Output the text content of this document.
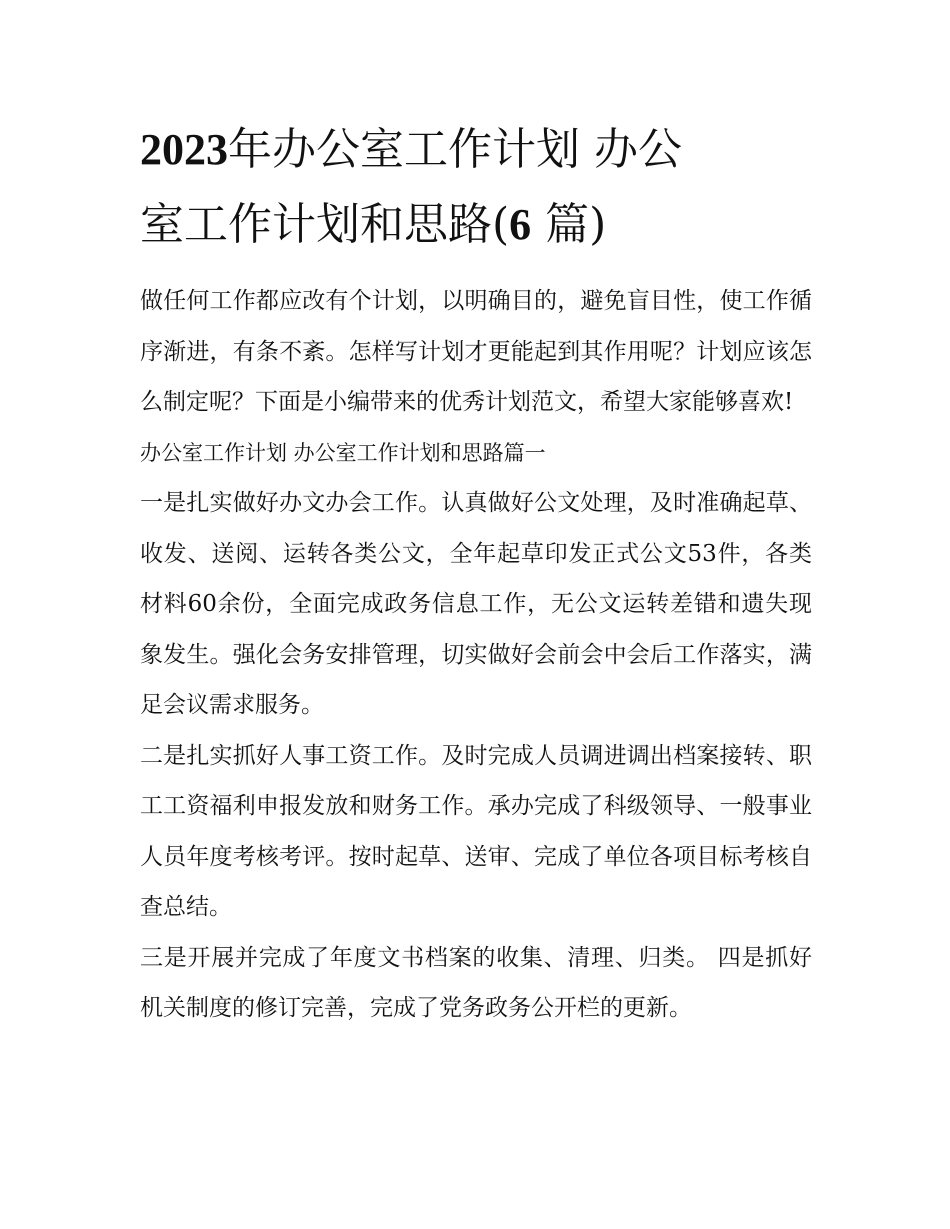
2023年办公室工作计划 办公
室工作计划和思路(6 篇)

做任何工作都应改有个计划，以明确目的，避免盲目性，使工作循序渐进，有条不紊。怎样写计划才更能起到其作用呢？计划应该怎么制定呢？下面是小编带来的优秀计划范文，希望大家能够喜欢!

办公室工作计划 办公室工作计划和思路篇一

一是扎实做好办文办会工作。认真做好公文处理，及时准确起草、收发、送阅、运转各类公文，全年起草印发正式公文53件，各类材料60余份，全面完成政务信息工作，无公文运转差错和遗失现象发生。强化会务安排管理，切实做好会前会中会后工作落实，满足会议需求服务。

二是扎实抓好人事工资工作。及时完成人员调进调出档案接转、职工工资福利申报发放和财务工作。承办完成了科级领导、一般事业人员年度考核考评。按时起草、送审、完成了单位各项目标考核自查总结。

三是开展并完成了年度文书档案的收集、清理、归类。 四是抓好机关制度的修订完善，完成了党务政务公开栏的更新。
